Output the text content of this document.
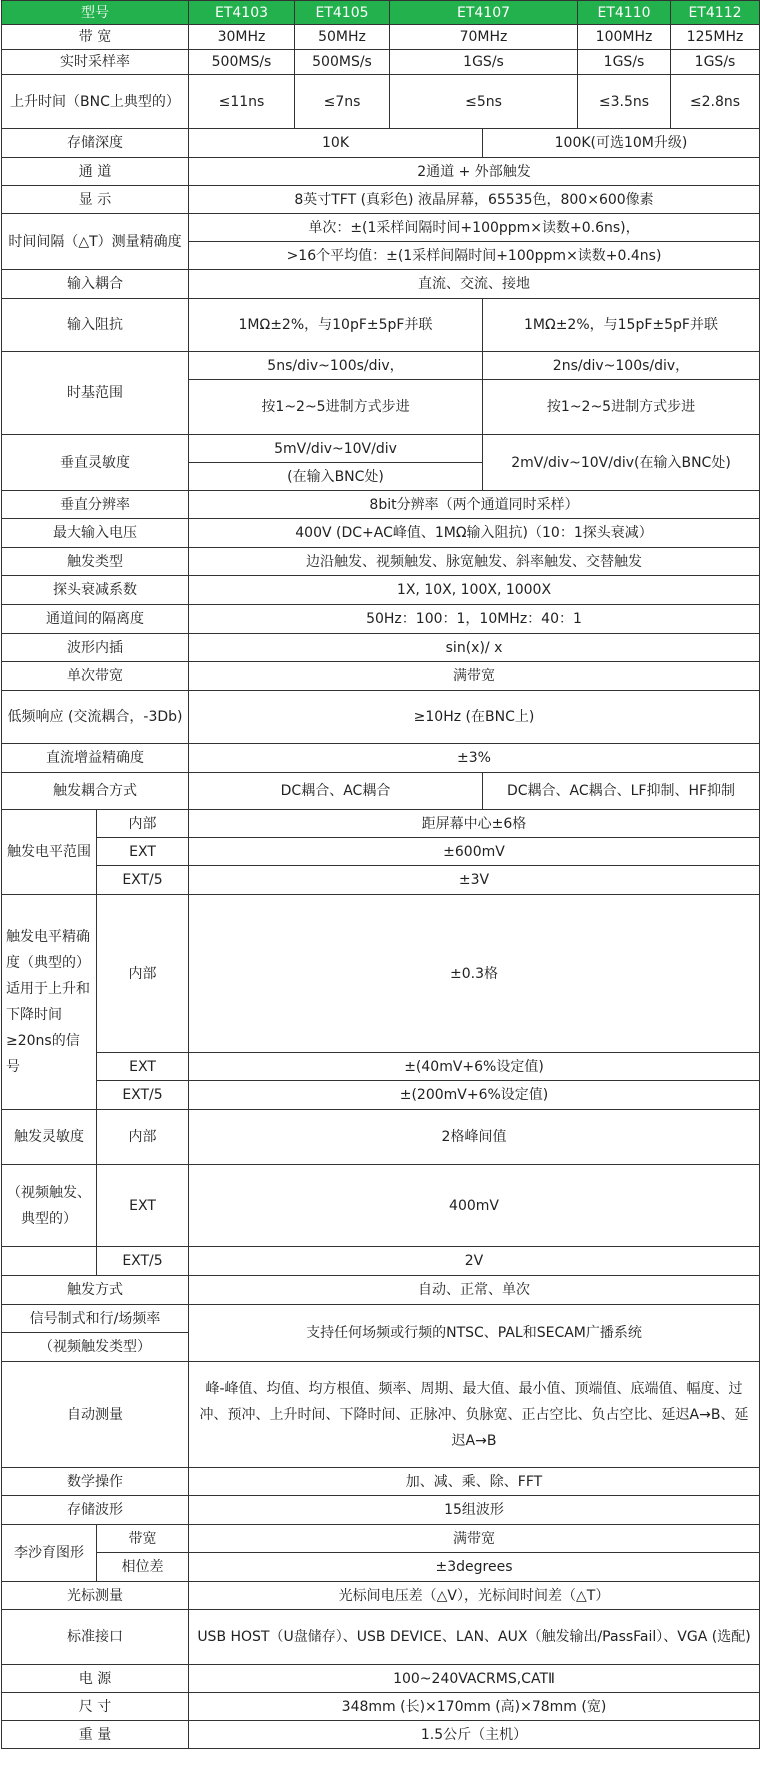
型号		ET4103	ET4105	ET4107		ET4110	ET4112
带 宽		30MHz	50MHz	70MHz		100MHz	125MHz
实时采样率		500MS/s	500MS/s	1GS/s		1GS/s	1GS/s
上升时间（BNC上典型的）		≤11ns	≤7ns	≤5ns		≤3.5ns	≤2.8ns
存储深度		10K			100K(可选10M升级)		
通 道		2通道 + 外部触发					
显 示		8英寸TFT (真彩色) 液晶屏幕，65535色，800×600像素					
时间间隔（△T）测量精确度		单次：±(1采样间隔时间+100ppm×读数+0.6ns)，					
		>16个平均值：±(1采样间隔时间+100ppm×读数+0.4ns)					
输入耦合		直流、交流、接地					
输入阻抗		1MΩ±2%，与10pF±5pF并联			1MΩ±2%，与15pF±5pF并联		
时基范围		5ns/div~100s/div，			2ns/div~100s/div，		
		按1~2~5进制方式步进			按1~2~5进制方式步进		
垂直灵敏度		5mV/div~10V/div			2mV/div~10V/div(在输入BNC处)		
		(在输入BNC处)					
垂直分辨率		8bit分辨率（两个通道同时采样）					
最大输入电压		400V (DC+AC峰值、1MΩ输入阻抗)（10：1探头衰减）					
触发类型		边沿触发、视频触发、脉宽触发、斜率触发、交替触发					
探头衰减系数		1X, 10X, 100X, 1000X					
通道间的隔离度		50Hz：100：1，10MHz：40：1					
波形内插		sin(x)/ x					
单次带宽		满带宽					
低频响应 (交流耦合，-3Db)		≥10Hz (在BNC上)					
直流增益精确度		±3%					
触发耦合方式		DC耦合、AC耦合			DC耦合、AC耦合、LF抑制、HF抑制		
触发电平范围	内部	距屏幕中心±6格					
	EXT	±600mV					
	EXT/5	±3V					
触发电平精确度（典型的）适用于上升和下降时间≥20ns的信号	内部	±0.3格					
	EXT	±(40mV+6%设定值)					
	EXT/5	±(200mV+6%设定值)					
触发灵敏度	内部	2格峰间值					
（视频触发、典型的）	EXT	400mV					
	EXT/5	2V					
触发方式		自动、正常、单次					
信号制式和行/场频率		支持任何场频或行频的NTSC、PAL和SECAM广播系统					
（视频触发类型）							
自动测量		峰-峰值、均值、均方根值、频率、周期、最大值、最小值、顶端值、底端值、幅度、过冲、预冲、上升时间、下降时间、正脉冲、负脉宽、正占空比、负占空比、延迟A→B、延迟A→B					
数学操作		加、减、乘、除、FFT					
存储波形		15组波形					
李沙育图形	带宽	满带宽					
	相位差	±3degrees					
光标测量		光标间电压差（△V），光标间时间差（△T）					
标准接口		USB HOST（U盘储存）、USB DEVICE、LAN、AUX（触发输出/PassFail）、VGA (选配)					
电 源		100~240VACRMS,CATⅡ					
尺 寸		348mm (长)×170mm (高)×78mm (宽)					
重 量		1.5公斤（主机）					
